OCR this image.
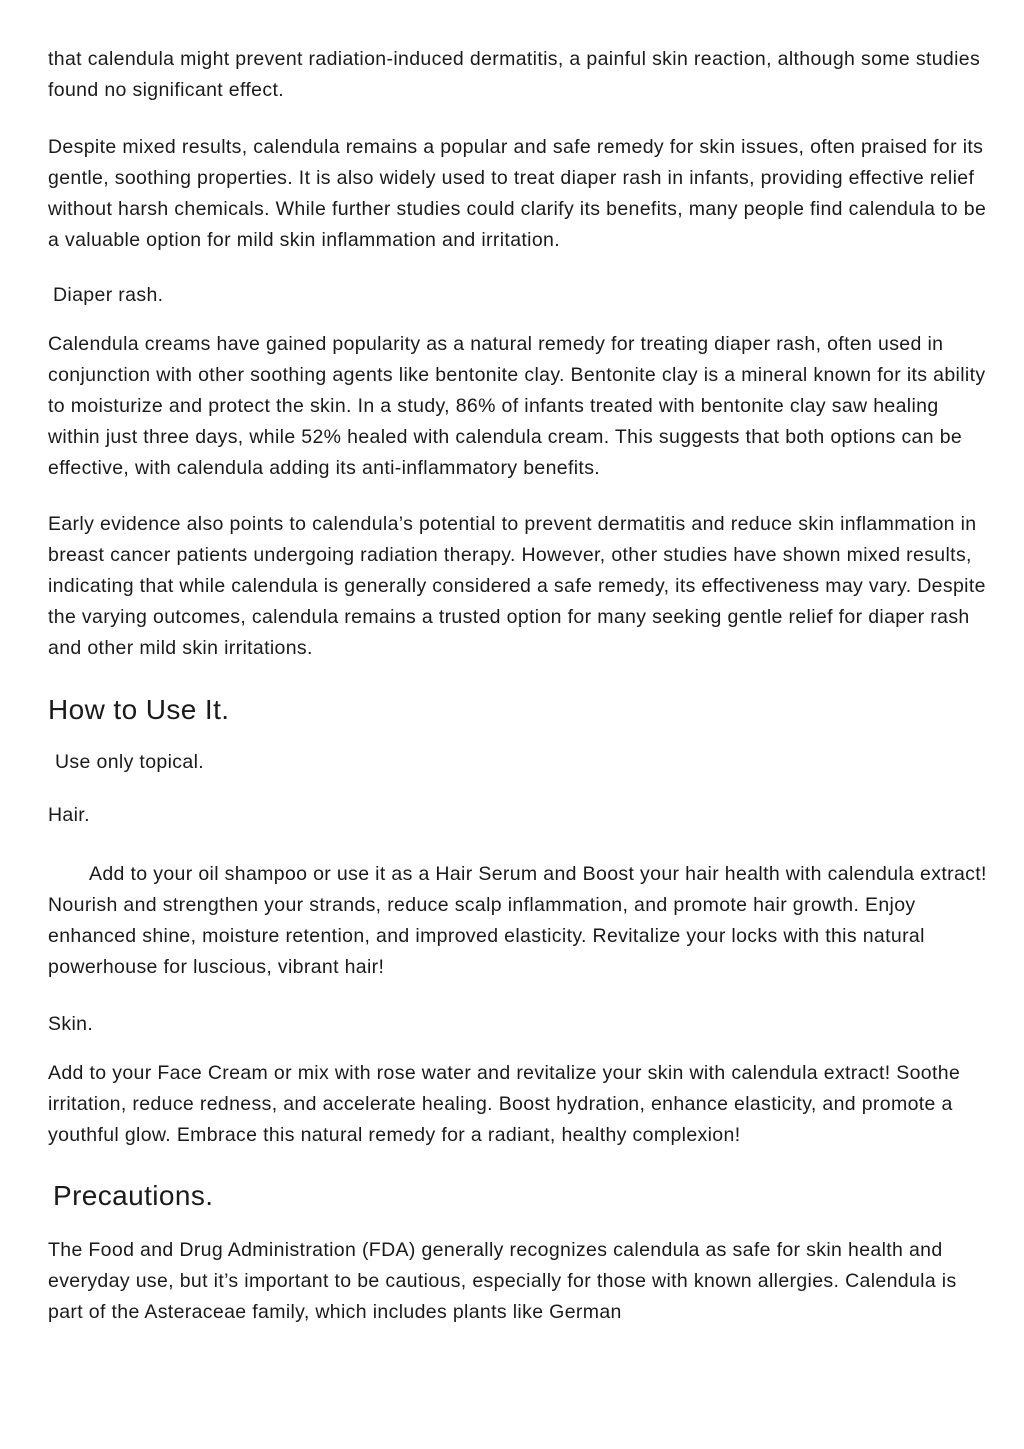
that calendula might prevent radiation-induced dermatitis, a painful skin reaction, although some studies found no significant effect.

Despite mixed results, calendula remains a popular and safe remedy for skin issues, often praised for its gentle, soothing properties. It is also widely used to treat diaper rash in infants, providing effective relief without harsh chemicals. While further studies could clarify its benefits, many people find calendula to be a valuable option for mild skin inflammation and irritation.

Diaper rash.

Calendula creams have gained popularity as a natural remedy for treating diaper rash, often used in conjunction with other soothing agents like bentonite clay. Bentonite clay is a mineral known for its ability to moisturize and protect the skin. In a study, 86% of infants treated with bentonite clay saw healing within just three days, while 52% healed with calendula cream. This suggests that both options can be effective, with calendula adding its anti-inflammatory benefits.

Early evidence also points to calendula’s potential to prevent dermatitis and reduce skin inflammation in breast cancer patients undergoing radiation therapy. However, other studies have shown mixed results, indicating that while calendula is generally considered a safe remedy, its effectiveness may vary. Despite the varying outcomes, calendula remains a trusted option for many seeking gentle relief for diaper rash and other mild skin irritations.

How to Use It.

Use only topical.

Hair.

Add to your oil shampoo or use it as a Hair Serum and Boost your hair health with calendula extract! Nourish and strengthen your strands, reduce scalp inflammation, and promote hair growth. Enjoy enhanced shine, moisture retention, and improved elasticity. Revitalize your locks with this natural powerhouse for luscious, vibrant hair!

Skin.

Add to your Face Cream or mix with rose water and revitalize your skin with calendula extract! Soothe irritation, reduce redness, and accelerate healing. Boost hydration, enhance elasticity, and promote a youthful glow. Embrace this natural remedy for a radiant, healthy complexion!

Precautions.

The Food and Drug Administration (FDA) generally recognizes calendula as safe for skin health and everyday use, but it’s important to be cautious, especially for those with known allergies. Calendula is part of the Asteraceae family, which includes plants like German
